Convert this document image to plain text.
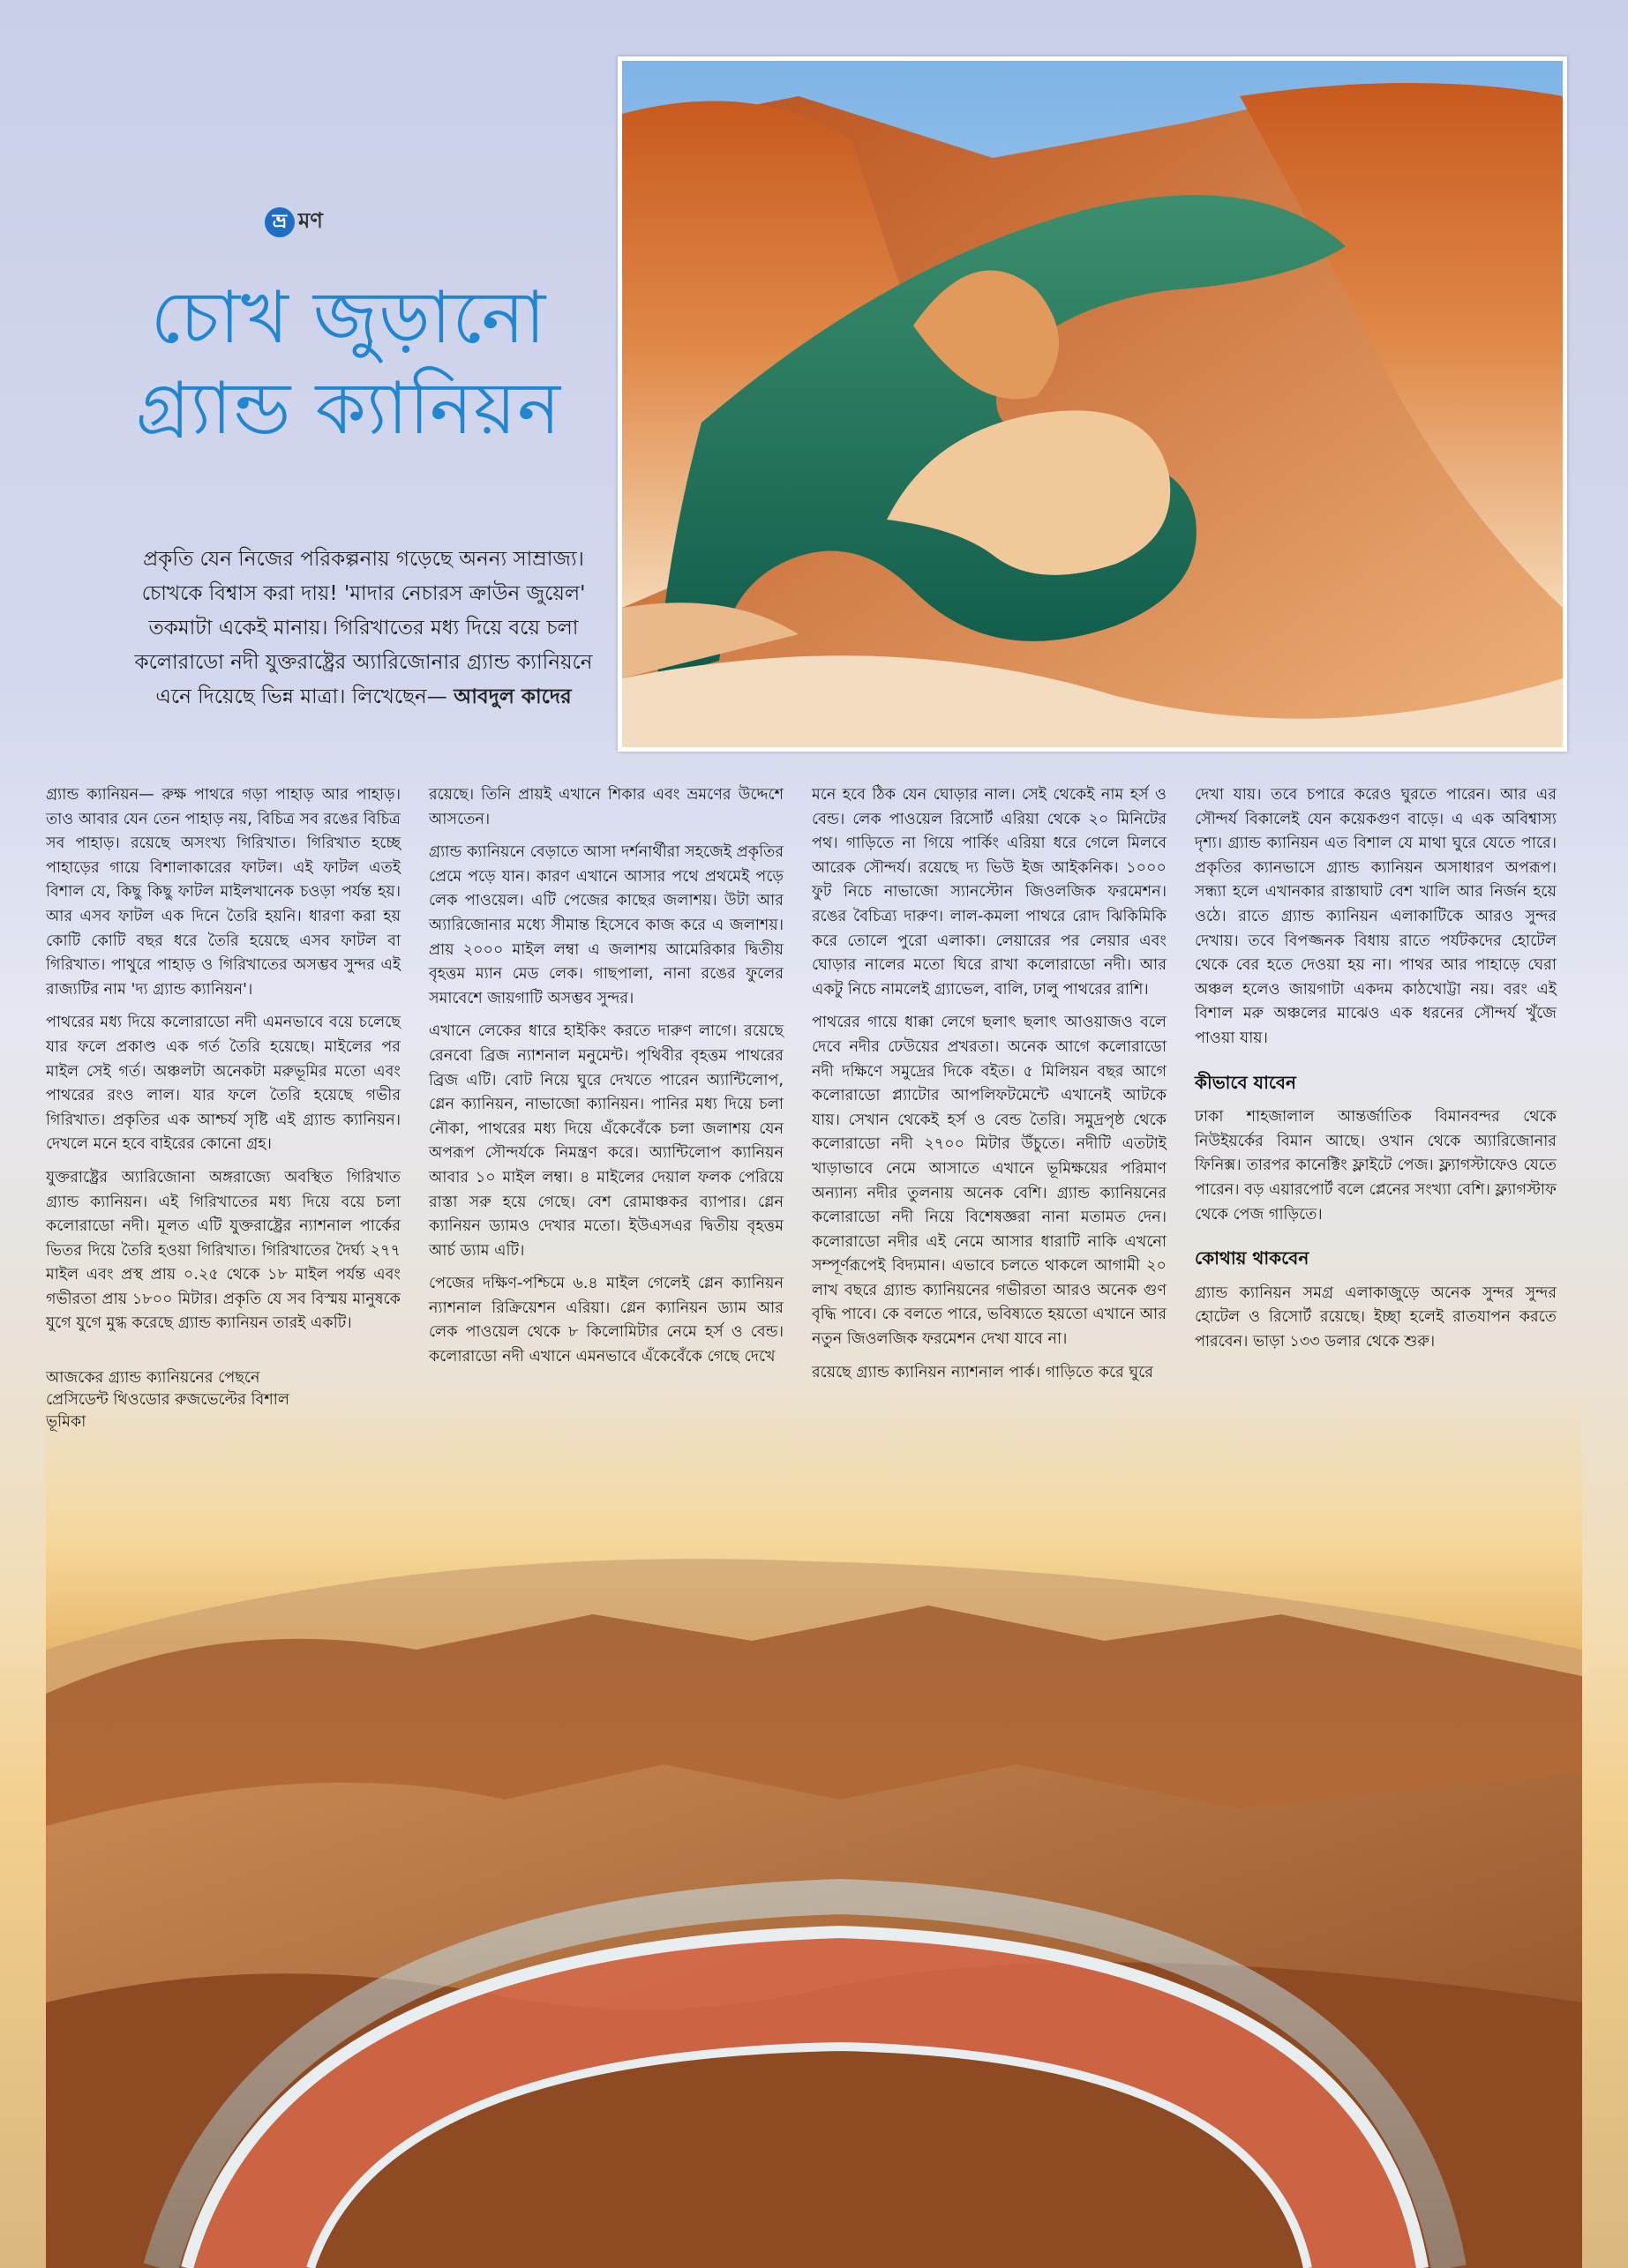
ভ্র মণ
চোখ জুড়ানো
গ্র্যান্ড ক্যানিয়ন
প্রকৃতি যেন নিজের পরিকল্পনায় গড়েছে অনন্য সাম্রাজ্য। চোখকে বিশ্বাস করা দায়! 'মাদার নেচারস ক্রাউন জুয়েল' তকমাটা একেই মানায়। গিরিখাতের মধ্য দিয়ে বয়ে চলা কলোরাডো নদী যুক্তরাষ্ট্রের অ্যারিজোনার গ্র্যান্ড ক্যানিয়নে এনে দিয়েছে ভিন্ন মাত্রা। লিখেছেন— আবদুল কাদের

গ্র্যান্ড ক্যানিয়ন— রুক্ষ পাথরে গড়া পাহাড় আর পাহাড়। তাও আবার যেন তেন পাহাড় নয়, বিচিত্র সব রঙের বিচিত্র সব পাহাড়। রয়েছে অসংখ্য গিরিখাত। গিরিখাত হচ্ছে পাহাড়ের গায়ে বিশালাকারের ফাটল। এই ফাটল এতই বিশাল যে, কিছু কিছু ফাটল মাইলখানেক চওড়া পর্যন্ত হয়। আর এসব ফাটল এক দিনে তৈরি হয়নি। ধারণা করা হয় কোটি কোটি বছর ধরে তৈরি হয়েছে এসব ফাটল বা গিরিখাত। পাথুরে পাহাড় ও গিরিখাতের অসম্ভব সুন্দর এই রাজ্যটির নাম 'দ্য গ্র্যান্ড ক্যানিয়ন'।

পাথরের মধ্য দিয়ে কলোরাডো নদী এমনভাবে বয়ে চলেছে যার ফলে প্রকাণ্ড এক গর্ত তৈরি হয়েছে। মাইলের পর মাইল সেই গর্ত। অঞ্চলটা অনেকটা মরুভূমির মতো এবং পাথরের রংও লাল। যার ফলে তৈরি হয়েছে গভীর গিরিখাত। প্রকৃতির এক আশ্চর্য সৃষ্টি এই গ্র্যান্ড ক্যানিয়ন। দেখলে মনে হবে বাইরের কোনো গ্রহ।

যুক্তরাষ্ট্রের অ্যারিজোনা অঙ্গরাজ্যে অবস্থিত গিরিখাত গ্র্যান্ড ক্যানিয়ন। এই গিরিখাতের মধ্য দিয়ে বয়ে চলা কলোরাডো নদী। মূলত এটি যুক্তরাষ্ট্রের ন্যাশনাল পার্কের ভিতর দিয়ে তৈরি হওয়া গিরিখাত। গিরিখাতের দৈর্ঘ্য ২৭৭ মাইল এবং প্রস্থ প্রায় ০.২৫ থেকে ১৮ মাইল পর্যন্ত এবং গভীরতা প্রায় ১৮০০ মিটার। প্রকৃতি যে সব বিস্ময় মানুষকে যুগে যুগে মুগ্ধ করেছে গ্র্যান্ড ক্যানিয়ন তারই একটি।

রয়েছে। তিনি প্রায়ই এখানে শিকার এবং ভ্রমণের উদ্দেশে আসতেন।

গ্র্যান্ড ক্যানিয়নে বেড়াতে আসা দর্শনার্থীরা সহজেই প্রকৃতির প্রেমে পড়ে যান। কারণ এখানে আসার পথে প্রথমেই পড়ে লেক পাওয়েল। এটি পেজের কাছের জলাশয়। উটা আর অ্যারিজোনার মধ্যে সীমান্ত হিসেবে কাজ করে এ জলাশয়। প্রায় ২০০০ মাইল লম্বা এ জলাশয় আমেরিকার দ্বিতীয় বৃহত্তম ম্যান মেড লেক। গাছপালা, নানা রঙের ফুলের সমাবেশে জায়গাটি অসম্ভব সুন্দর।

এখানে লেকের ধারে হাইকিং করতে দারুণ লাগে। রয়েছে রেনবো ব্রিজ ন্যাশনাল মনুমেন্ট। পৃথিবীর বৃহত্তম পাথরের ব্রিজ এটি। বোট নিয়ে ঘুরে দেখতে পারেন অ্যান্টিলোপ, গ্লেন ক্যানিয়ন, নাভাজো ক্যানিয়ন। পানির মধ্য দিয়ে চলা নৌকা, পাথরের মধ্য দিয়ে এঁকেবেঁকে চলা জলাশয় যেন অপরূপ সৌন্দর্যকে নিমন্ত্রণ করে। অ্যান্টিলোপ ক্যানিয়ন আবার ১০ মাইল লম্বা। ৪ মাইলের দেয়াল ফলক পেরিয়ে রাস্তা সরু হয়ে গেছে। বেশ রোমাঞ্চকর ব্যাপার। গ্লেন ক্যানিয়ন ড্যামও দেখার মতো। ইউএসএর দ্বিতীয় বৃহত্তম আর্চ ড্যাম এটি।

পেজের দক্ষিণ-পশ্চিমে ৬.৪ মাইল গেলেই গ্লেন ক্যানিয়ন ন্যাশনাল রিক্রিয়েশন এরিয়া। গ্লেন ক্যানিয়ন ড্যাম আর লেক পাওয়েল থেকে ৮ কিলোমিটার নেমে হর্স ও বেন্ড। কলোরাডো নদী এখানে এমনভাবে এঁকেবেঁকে গেছে দেখে

মনে হবে ঠিক যেন ঘোড়ার নাল। সেই থেকেই নাম হর্স ও বেন্ড। লেক পাওয়েল রিসোর্ট এরিয়া থেকে ২০ মিনিটের পথ। গাড়িতে না গিয়ে পার্কিং এরিয়া ধরে গেলে মিলবে আরেক সৌন্দর্য। রয়েছে দ্য ভিউ ইজ আইকনিক। ১০০০ ফুট নিচে নাভাজো স্যানস্টোন জিওলজিক ফরমেশন। রঙের বৈচিত্র্য দারুণ। লাল-কমলা পাথরে রোদ ঝিকিমিকি করে তোলে পুরো এলাকা। লেয়ারের পর লেয়ার এবং ঘোড়ার নালের মতো ঘিরে রাখা কলোরাডো নদী। আর একটু নিচে নামলেই গ্র্যাভেল, বালি, ঢালু পাথরের রাশি।

পাথরের গায়ে ধাক্কা লেগে ছলাৎ ছলাৎ আওয়াজও বলে দেবে নদীর ঢেউয়ের প্রখরতা। অনেক আগে কলোরাডো নদী দক্ষিণে সমুদ্রের দিকে বইত। ৫ মিলিয়ন বছর আগে কলোরাডো প্ল্যাটোর আপলিফটমেন্টে এখানেই আটকে যায়। সেখান থেকেই হর্স ও বেন্ড তৈরি। সমুদ্রপৃষ্ঠ থেকে কলোরাডো নদী ২৭০০ মিটার উঁচুতে। নদীটি এতটাই খাড়াভাবে নেমে আসাতে এখানে ভূমিক্ষয়ের পরিমাণ অন্যান্য নদীর তুলনায় অনেক বেশি। গ্র্যান্ড ক্যানিয়নের কলোরাডো নদী নিয়ে বিশেষজ্ঞরা নানা মতামত দেন। কলোরাডো নদীর এই নেমে আসার ধারাটি নাকি এখনো সম্পূর্ণরূপেই বিদ্যমান। এভাবে চলতে থাকলে আগামী ২০ লাখ বছরে গ্র্যান্ড ক্যানিয়নের গভীরতা আরও অনেক গুণ বৃদ্ধি পাবে। কে বলতে পারে, ভবিষ্যতে হয়তো এখানে আর নতুন জিওলজিক ফরমেশন দেখা যাবে না।

রয়েছে গ্র্যান্ড ক্যানিয়ন ন্যাশনাল পার্ক। গাড়িতে করে ঘুরে

দেখা যায়। তবে চপারে করেও ঘুরতে পারেন। আর এর সৌন্দর্য বিকালেই যেন কয়েকগুণ বাড়ে। এ এক অবিশ্বাস্য দৃশ্য। গ্র্যান্ড ক্যানিয়ন এত বিশাল যে মাথা ঘুরে যেতে পারে। প্রকৃতির ক্যানভাসে গ্র্যান্ড ক্যানিয়ন অসাধারণ অপরূপ। সন্ধ্যা হলে এখানকার রাস্তাঘাট বেশ খালি আর নির্জন হয়ে ওঠে। রাতে গ্র্যান্ড ক্যানিয়ন এলাকাটিকে আরও সুন্দর দেখায়। তবে বিপজ্জনক বিধায় রাতে পর্যটকদের হোটেল থেকে বের হতে দেওয়া হয় না। পাথর আর পাহাড়ে ঘেরা অঞ্চল হলেও জায়গাটা একদম কাঠখোট্টা নয়। বরং এই বিশাল মরু অঞ্চলের মাঝেও এক ধরনের সৌন্দর্য খুঁজে পাওয়া যায়।

কীভাবে যাবেন

ঢাকা শাহজালাল আন্তর্জাতিক বিমানবন্দর থেকে নিউইয়র্কের বিমান আছে। ওখান থেকে অ্যারিজোনার ফিনিক্স। তারপর কানেক্টিং ফ্লাইটে পেজ। ফ্ল্যাগস্টাফেও যেতে পারেন। বড় এয়ারপোর্ট বলে প্লেনের সংখ্যা বেশি। ফ্ল্যাগস্টাফ থেকে পেজ গাড়িতে।

কোথায় থাকবেন

গ্র্যান্ড ক্যানিয়ন সমগ্র এলাকাজুড়ে অনেক সুন্দর সুন্দর হোটেল ও রিসোর্ট রয়েছে। ইচ্ছা হলেই রাতযাপন করতে পারবেন। ভাড়া ১৩৩ ডলার থেকে শুরু।

আজকের গ্র্যান্ড ক্যানিয়নের পেছনে প্রেসিডেন্ট থিওডোর রুজভেল্টের বিশাল ভূমিকা
